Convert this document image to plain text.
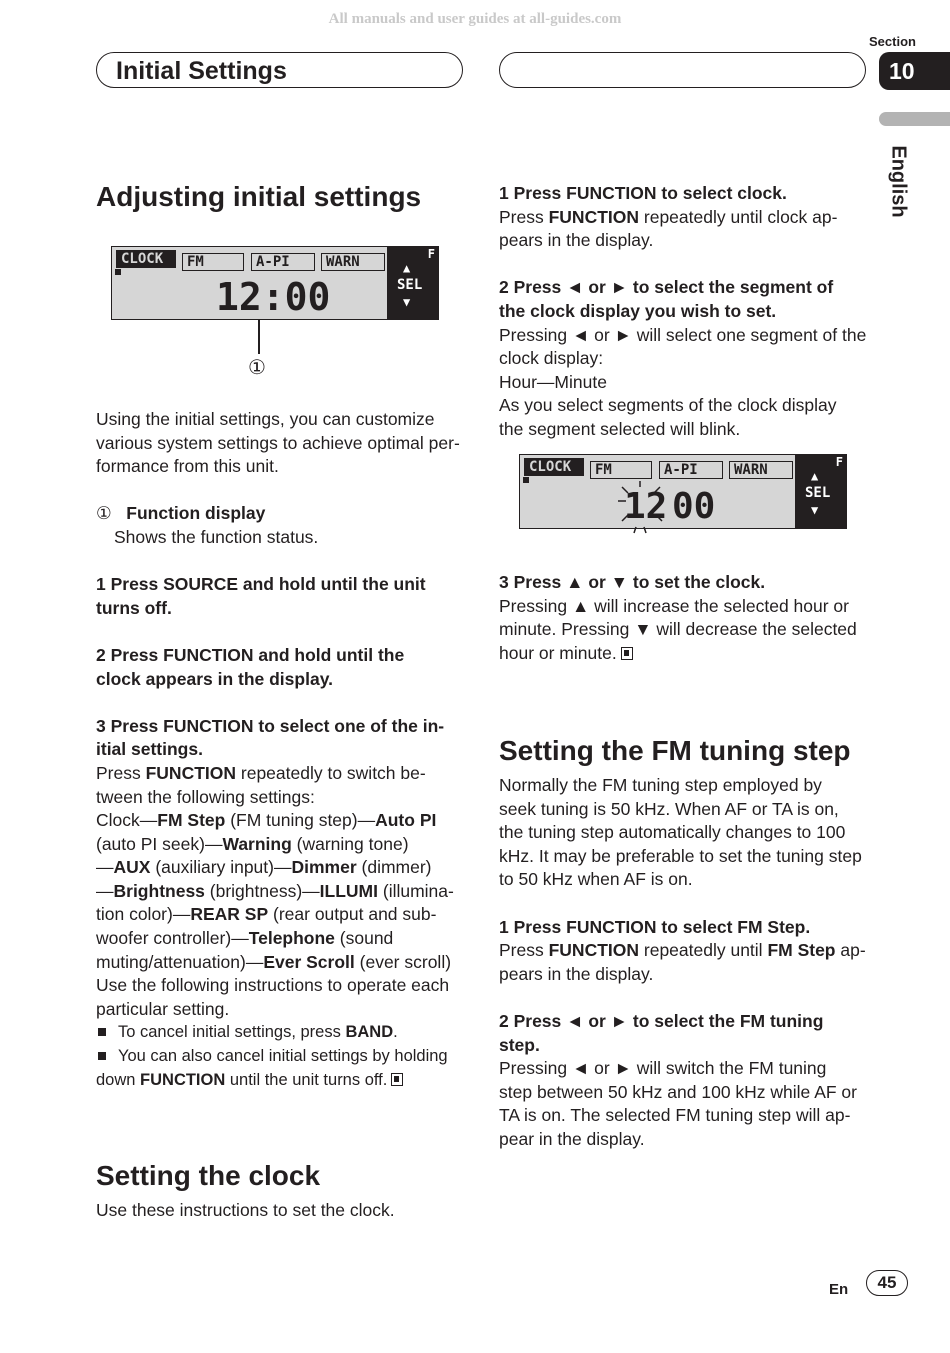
All manuals and user guides at all-guides.com
Initial Settings
Section
10
English
Adjusting initial settings
CLOCK	FM	A-PI	WARN
12:00
F
▲
SEL
▼
①

Using the initial settings, you can customize

various system settings to achieve optimal per-

formance from this unit.

① Function display

Shows the function status.

1 Press SOURCE and hold until the unit

turns off.

2 Press FUNCTION and hold until the

clock appears in the display.

3 Press FUNCTION to select one of the in-

itial settings.

Press FUNCTION repeatedly to switch be-

tween the following settings:

Clock—FM Step (FM tuning step)—Auto PI

(auto PI seek)—Warning (warning tone)

—AUX (auxiliary input)—Dimmer (dimmer)

—Brightness (brightness)—ILLUMI (illumina-

tion color)—REAR SP (rear output and sub-

woofer controller)—Telephone (sound

muting/attenuation)—Ever Scroll (ever scroll)

Use the following instructions to operate each

particular setting.

To cancel initial settings, press BAND.

You can also cancel initial settings by holding

down FUNCTION until the unit turns off.

Setting the clock

Use these instructions to set the clock.

1 Press FUNCTION to select clock.

Press FUNCTION repeatedly until clock ap-

pears in the display.

2 Press ◄ or ► to select the segment of

the clock display you wish to set.

Pressing ◄ or ► will select one segment of the

clock display:

Hour—Minute

As you select segments of the clock display

the segment selected will blink.

CLOCK	FM	A-PI	WARN
12 00
F
▲
SEL
▼

3 Press ▲ or ▼ to set the clock.

Pressing ▲ will increase the selected hour or

minute. Pressing ▼ will decrease the selected

hour or minute.

Setting the FM tuning step

Normally the FM tuning step employed by

seek tuning is 50 kHz. When AF or TA is on,

the tuning step automatically changes to 100

kHz. It may be preferable to set the tuning step

to 50 kHz when AF is on.

1 Press FUNCTION to select FM Step.

Press FUNCTION repeatedly until FM Step ap-

pears in the display.

2 Press ◄ or ► to select the FM tuning

step.

Pressing ◄ or ► will switch the FM tuning

step between 50 kHz and 100 kHz while AF or

TA is on. The selected FM tuning step will ap-

pear in the display.

En	45
